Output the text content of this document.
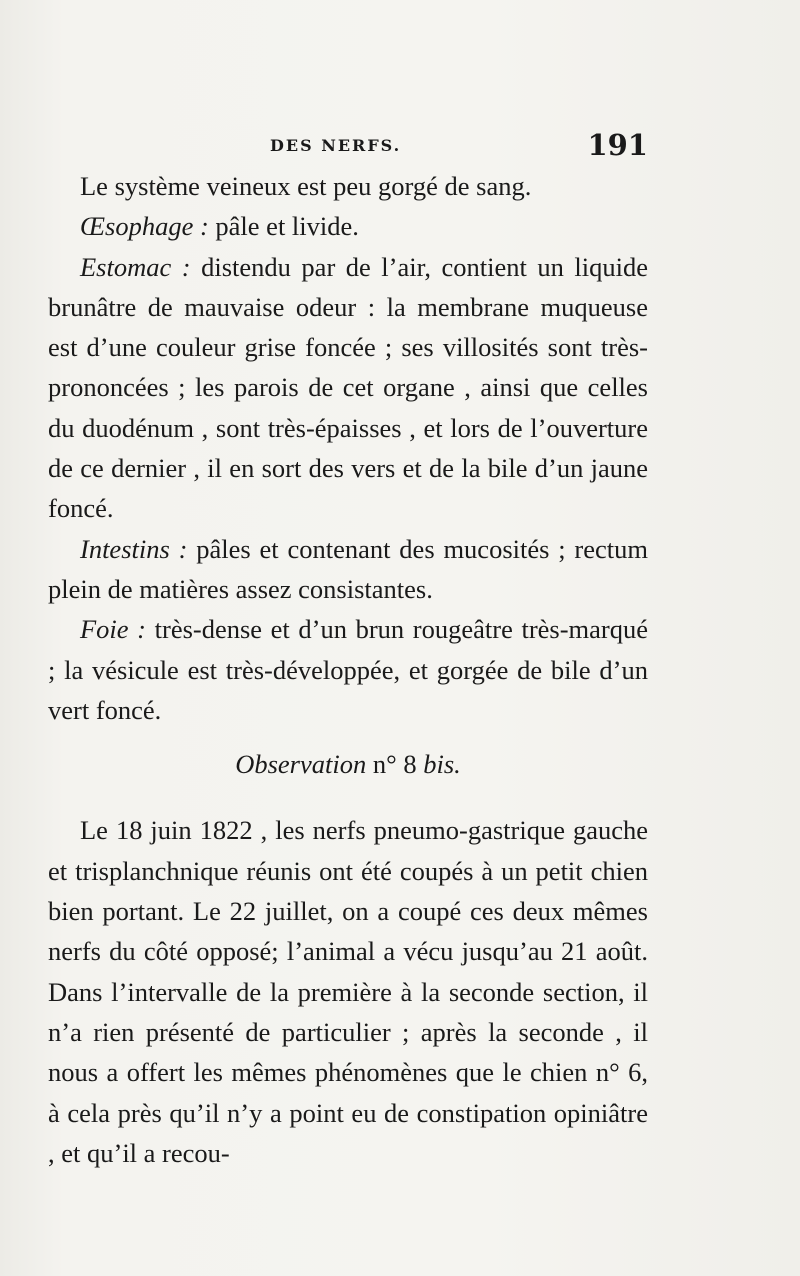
DES NERFS.	191

Le système veineux est peu gorgé de sang.

Œsophage : pâle et livide.

Estomac : distendu par de l’air, contient un liquide brunâtre de mauvaise odeur : la membrane muqueuse est d’une couleur grise foncée ; ses villosités sont très-prononcées ; les parois de cet organe , ainsi que celles du duodénum , sont très-épaisses , et lors de l’ouverture de ce dernier , il en sort des vers et de la bile d’un jaune foncé.

Intestins : pâles et contenant des mucosités ; rectum plein de matières assez consistantes.

Foie : très-dense et d’un brun rougeâtre très-marqué ; la vésicule est très-développée, et gorgée de bile d’un vert foncé.

Observation n° 8 bis.

Le 18 juin 1822 , les nerfs pneumo-gastrique gauche et trisplanchnique réunis ont été coupés à un petit chien bien portant. Le 22 juillet, on a coupé ces deux mêmes nerfs du côté opposé; l’animal a vécu jusqu’au 21 août. Dans l’intervalle de la première à la seconde section, il n’a rien présenté de particulier ; après la seconde , il nous a offert les mêmes phénomènes que le chien n° 6, à cela près qu’il n’y a point eu de constipation opiniâtre , et qu’il a recou-
